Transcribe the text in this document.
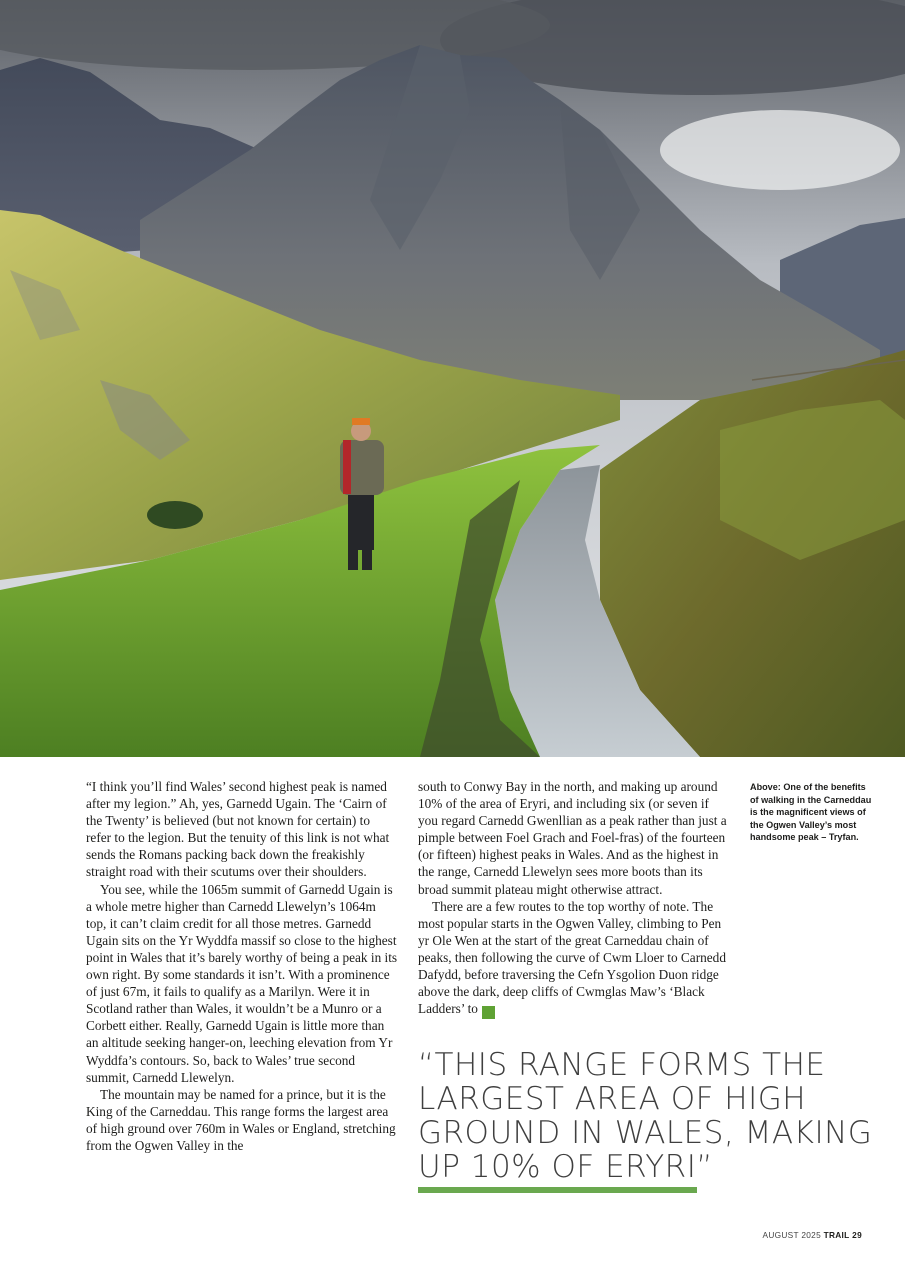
“I think you’ll find Wales’ second highest peak is named after my legion.” Ah, yes, Garnedd Ugain. The ‘Cairn of the Twenty’ is believed (but not known for certain) to refer to the legion. But the tenuity of this link is not what sends the Romans packing back down the freakishly straight road with their scutums over their shoulders.

You see, while the 1065m summit of Garnedd Ugain is a whole metre higher than Carnedd Llewelyn’s 1064m top, it can’t claim credit for all those metres. Garnedd Ugain sits on the Yr Wyddfa massif so close to the highest point in Wales that it’s barely worthy of being a peak in its own right. By some standards it isn’t. With a prominence of just 67m, it fails to qualify as a Marilyn. Were it in Scotland rather than Wales, it wouldn’t be a Munro or a Corbett either. Really, Garnedd Ugain is little more than an altitude seeking hanger-on, leeching elevation from Yr Wyddfa’s contours. So, back to Wales’ true second summit, Carnedd Llewelyn.

The mountain may be named for a prince, but it is the King of the Carneddau. This range forms the largest area of high ground over 760m in Wales or England, stretching from the Ogwen Valley in the

south to Conwy Bay in the north, and making up around 10% of the area of Eryri, and including six (or seven if you regard Carnedd Gwenllian as a peak rather than just a pimple between Foel Grach and Foel-fras) of the fourteen (or fifteen) highest peaks in Wales. And as the highest in the range, Carnedd Llewelyn sees more boots than its broad summit plateau might otherwise attract.

There are a few routes to the top worthy of note. The most popular starts in the Ogwen Valley, climbing to Pen yr Ole Wen at the start of the great Carneddau chain of peaks, then following the curve of Cwm Lloer to Carnedd Dafydd, before traversing the Cefn Ysgolion Duon ridge above the dark, deep cliffs of Cwmglas Maw’s ‘Black Ladders’ to ▸

Above: One of the benefits of walking in the Carneddau is the magnificent views of the Ogwen Valley’s most handsome peak – Tryfan.
“THIS RANGE FORMS THE LARGEST AREA OF HIGH GROUND IN WALES, MAKING UP 10% OF ERYRI”
AUGUST 2025 TRAIL 29
